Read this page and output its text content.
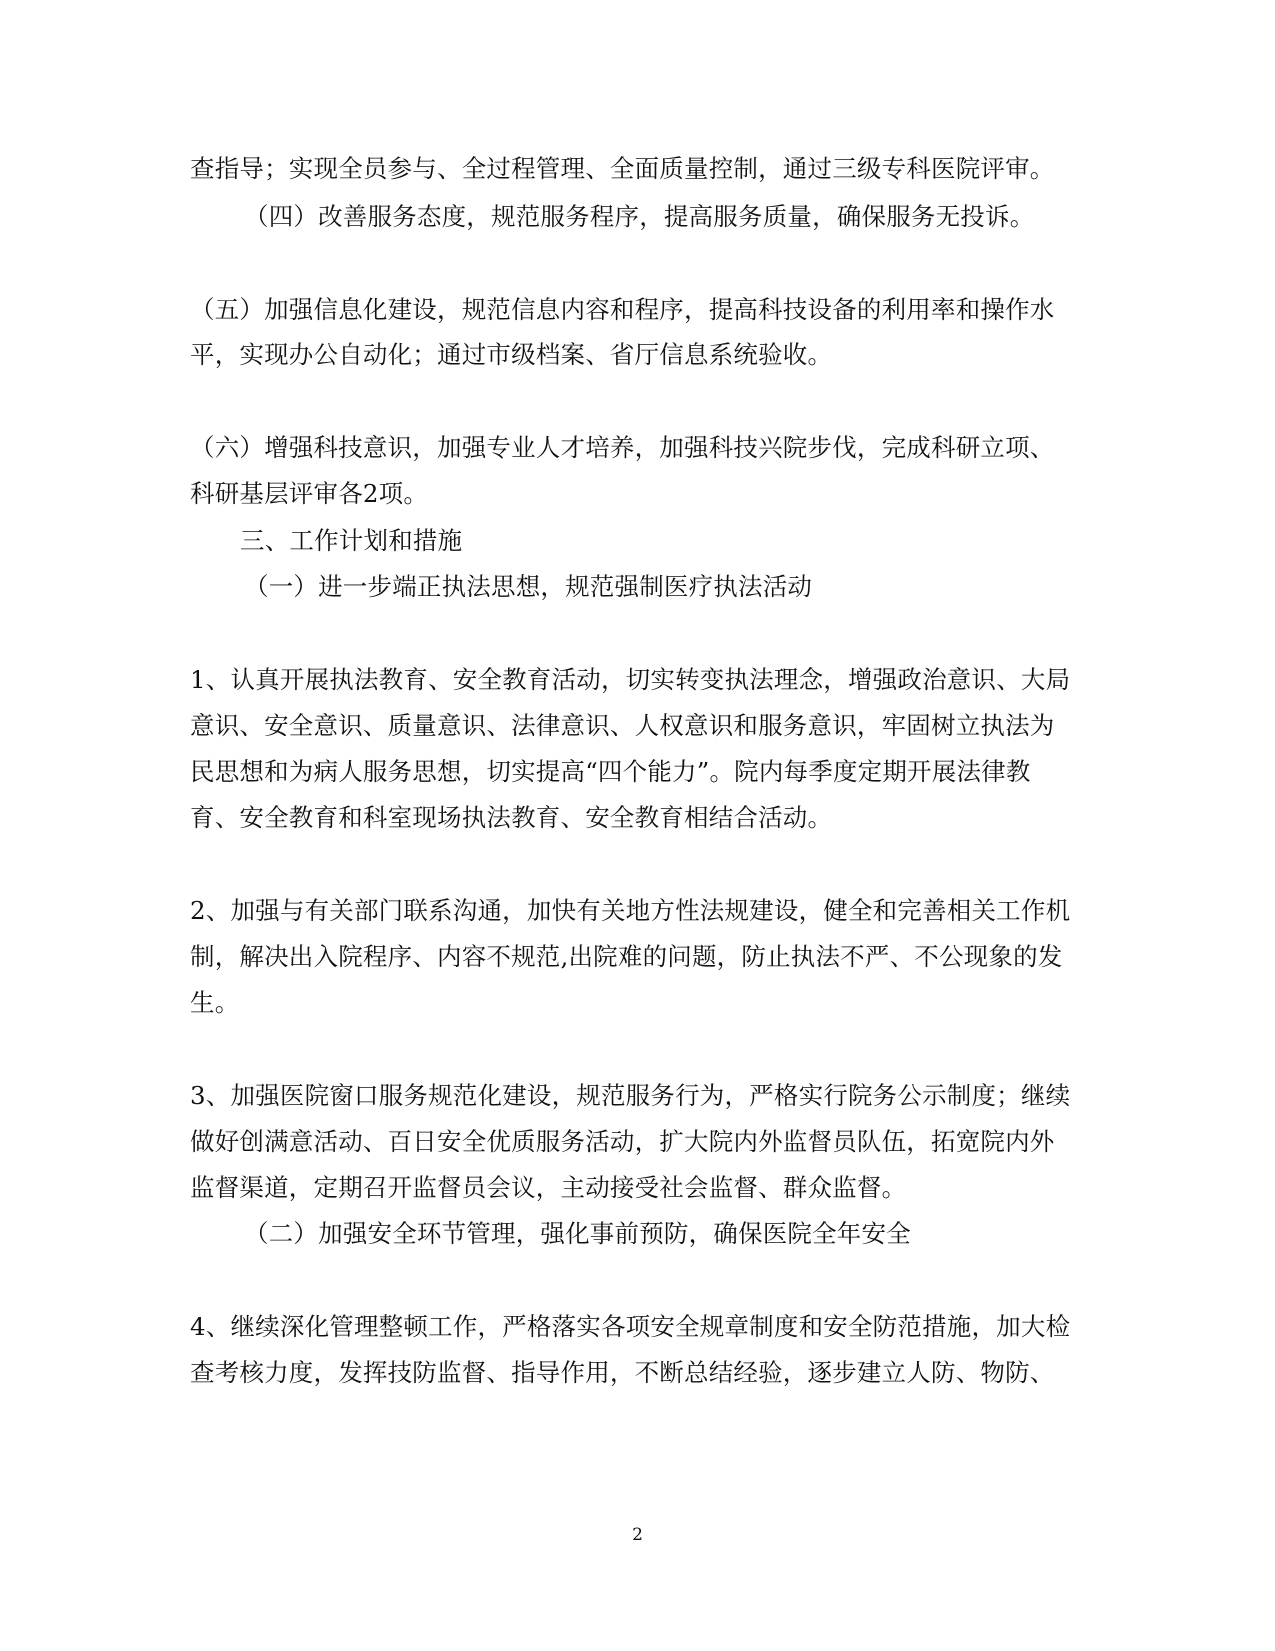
查指导；实现全员参与、全过程管理、全面质量控制，通过三级专科医院评审。
（四）改善服务态度，规范服务程序，提高服务质量，确保服务无投诉。
（五）加强信息化建设，规范信息内容和程序，提高科技设备的利用率和操作水
平，实现办公自动化；通过市级档案、省厅信息系统验收。
（六）增强科技意识，加强专业人才培养，加强科技兴院步伐，完成科研立项、
科研基层评审各2项。
三、工作计划和措施
（一）进一步端正执法思想，规范强制医疗执法活动
1、认真开展执法教育、安全教育活动，切实转变执法理念，增强政治意识、大局
意识、安全意识、质量意识、法律意识、人权意识和服务意识，牢固树立执法为
民思想和为病人服务思想，切实提高“四个能力”。院内每季度定期开展法律教
育、安全教育和科室现场执法教育、安全教育相结合活动。
2、加强与有关部门联系沟通，加快有关地方性法规建设，健全和完善相关工作机
制，解决出入院程序、内容不规范,出院难的问题，防止执法不严、不公现象的发
生。
3、加强医院窗口服务规范化建设，规范服务行为，严格实行院务公示制度；继续
做好创满意活动、百日安全优质服务活动，扩大院内外监督员队伍，拓宽院内外
监督渠道，定期召开监督员会议，主动接受社会监督、群众监督。
（二）加强安全环节管理，强化事前预防，确保医院全年安全
4、继续深化管理整顿工作，严格落实各项安全规章制度和安全防范措施，加大检
查考核力度，发挥技防监督、指导作用，不断总结经验，逐步建立人防、物防、
2
